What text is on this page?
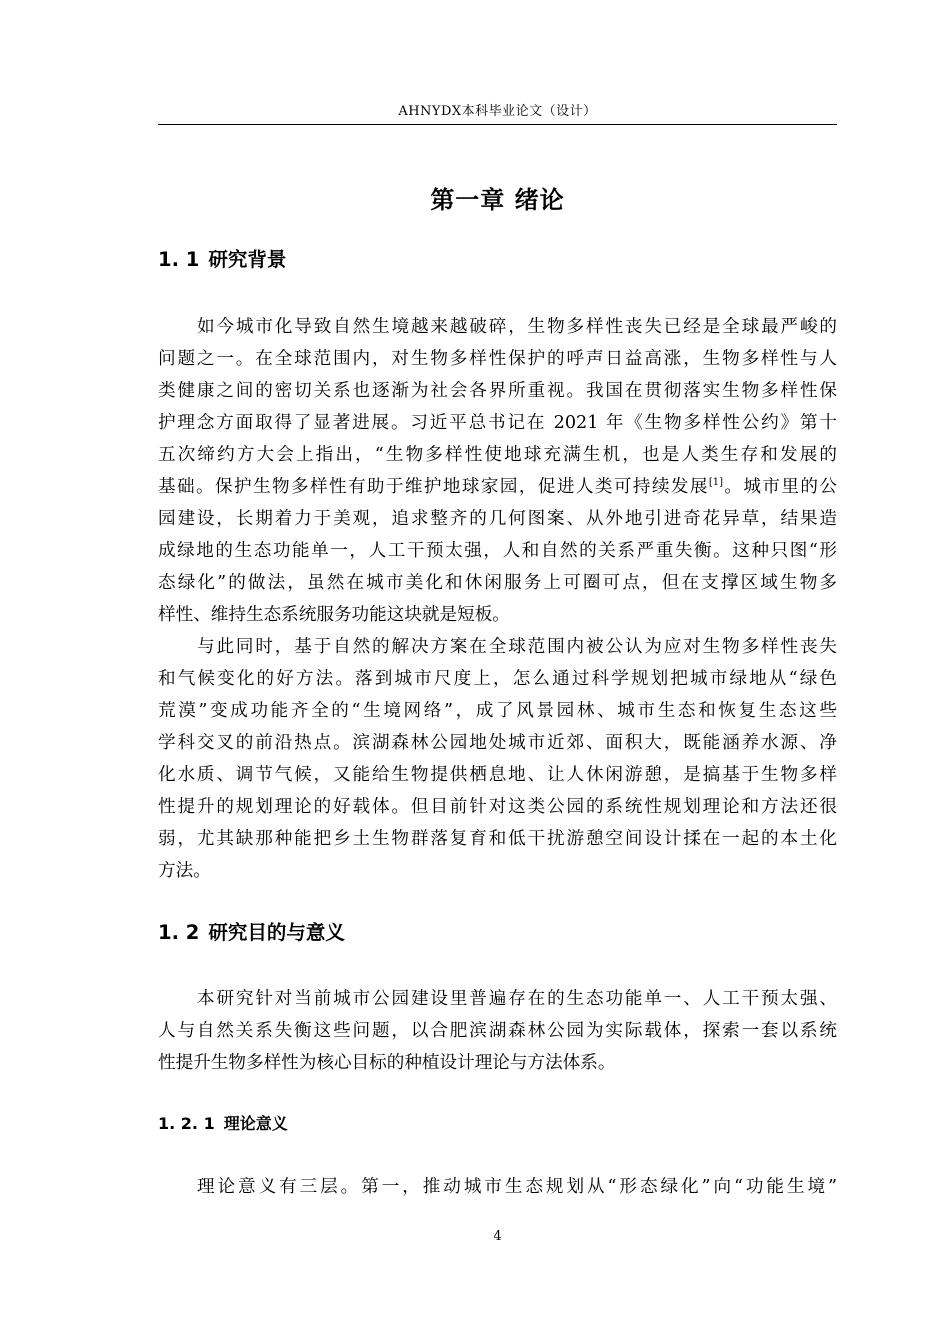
AHNYDX本科毕业论文（设计）
第一章 绪论
1. 1 研究背景
如今城市化导致自然生境越来越破碎，生物多样性丧失已经是全球最严峻的
问题之一。在全球范围内，对生物多样性保护的呼声日益高涨，生物多样性与人
类健康之间的密切关系也逐渐为社会各界所重视。我国在贯彻落实生物多样性保
护理念方面取得了显著进展。习近平总书记在 2021 年《生物多样性公约》第十
五次缔约方大会上指出，“生物多样性使地球充满生机，也是人类生存和发展的
基础。保护生物多样性有助于维护地球家园，促进人类可持续发展[1]。城市里的公
园建设，长期着力于美观，追求整齐的几何图案、从外地引进奇花异草，结果造
成绿地的生态功能单一，人工干预太强，人和自然的关系严重失衡。这种只图“形
态绿化”的做法，虽然在城市美化和休闲服务上可圈可点，但在支撑区域生物多
样性、维持生态系统服务功能这块就是短板。
与此同时，基于自然的解决方案在全球范围内被公认为应对生物多样性丧失
和气候变化的好方法。落到城市尺度上，怎么通过科学规划把城市绿地从“绿色
荒漠”变成功能齐全的“生境网络”，成了风景园林、城市生态和恢复生态这些
学科交叉的前沿热点。滨湖森林公园地处城市近郊、面积大，既能涵养水源、净
化水质、调节气候，又能给生物提供栖息地、让人休闲游憩，是搞基于生物多样
性提升的规划理论的好载体。但目前针对这类公园的系统性规划理论和方法还很
弱，尤其缺那种能把乡土生物群落复育和低干扰游憩空间设计揉在一起的本土化
方法。
1. 2 研究目的与意义
本研究针对当前城市公园建设里普遍存在的生态功能单一、人工干预太强、
人与自然关系失衡这些问题，以合肥滨湖森林公园为实际载体，探索一套以系统
性提升生物多样性为核心目标的种植设计理论与方法体系。
1. 2. 1 理论意义
理论意义有三层。第一，推动城市生态规划从“形态绿化”向“功能生境”
4
